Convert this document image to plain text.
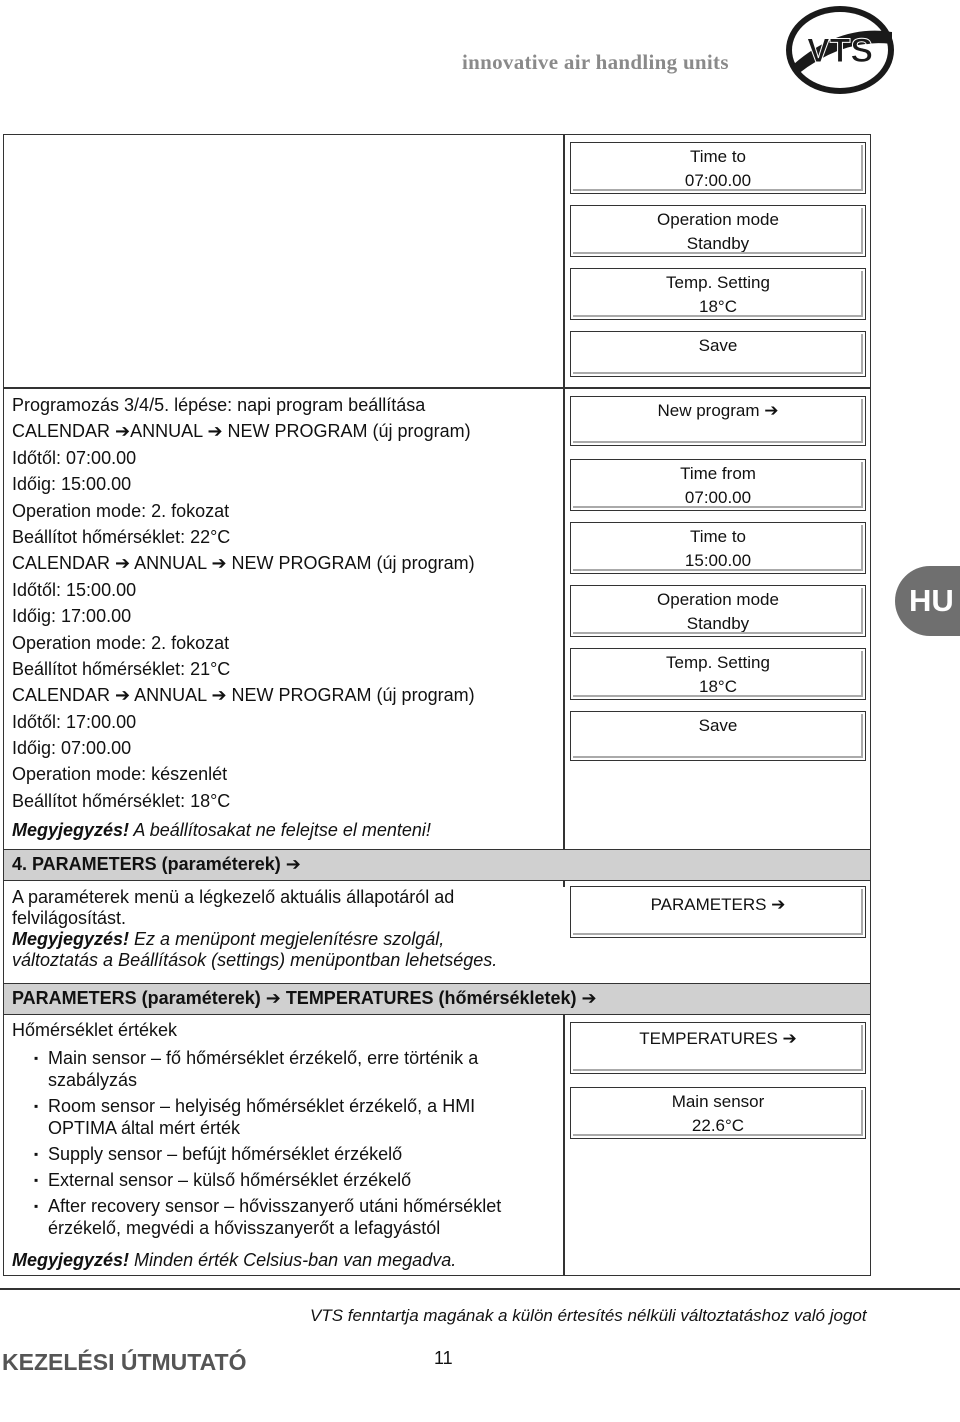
innovative air handling units VTS
HU
Programozás 3/4/5. lépése: napi program beállítása
CALENDAR ➔ANNUAL ➔ NEW PROGRAM (új program)
Időtől: 07:00.00
Időig: 15:00.00
Operation mode: 2. fokozat
Beállítot hőmérséklet: 22°C
CALENDAR ➔ ANNUAL ➔ NEW PROGRAM (új program)
Időtől: 15:00.00
Időig: 17:00.00
Operation mode: 2. fokozat
Beállítot hőmérséklet: 21°C
CALENDAR ➔ ANNUAL ➔ NEW PROGRAM (új program)
Időtől: 17:00.00
Időig: 07:00.00
Operation mode: készenlét
Beállítot hőmérséklet: 18°C
Megyjegyzés! A beállítosakat ne felejtse el menteni!
Time to
07:00.00
Operation mode
Standby
Temp. Setting
18°C
Save
New program ➔
Time from
07:00.00
Time to
15:00.00
Operation mode
Standby
Temp. Setting
18°C
Save
4. PARAMETERS (paraméterek) ➔
A paraméterek menü a légkezelő aktuális állapotáról ad
felvilágosítást.
Megyjegyzés! Ez a menüpont megjelenítésre szolgál,
változtatás a Beállítások (settings) menüpontban lehetséges.
PARAMETERS ➔
PARAMETERS (paraméterek) ➔ TEMPERATURES (hőmérsékletek) ➔
Hőmérséklet értékek
▪ Main sensor – fő hőmérséklet érzékelő, erre történik a
szabályzás
▪ Room sensor – helyiség hőmérséklet érzékelő, a HMI
OPTIMA által mért érték
▪ Supply sensor – befújt hőmérséklet érzékelő
▪ External sensor – külső hőmérséklet érzékelő
▪ After recovery sensor – hővisszanyerő utáni hőmérséklet
érzékelő, megvédi a hővisszanyerőt a lefagyástól
Megyjegyzés! Minden érték Celsius-ban van megadva.
TEMPERATURES ➔
Main sensor
22.6°C
VTS fenntartja magának a külön értesítés nélküli változtatáshoz való jogot
KEZELÉSI ÚTMUTATÓ	11
